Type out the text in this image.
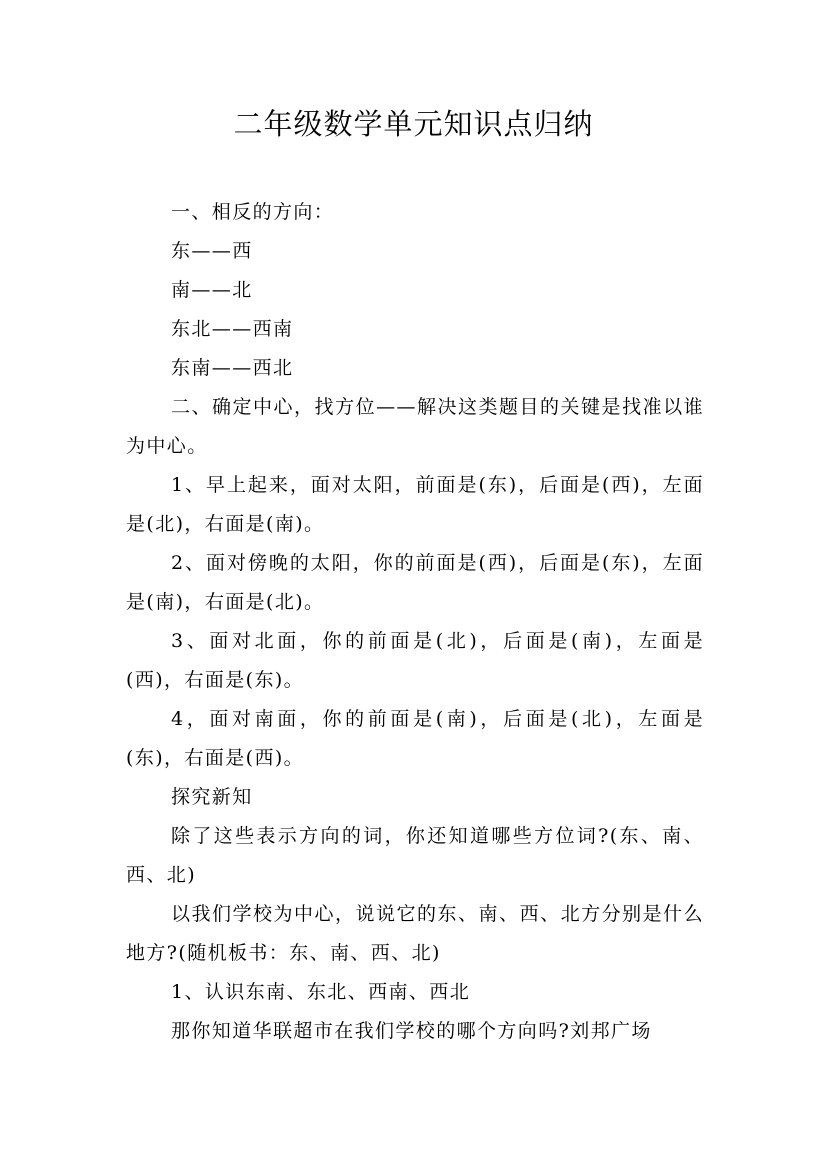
二年级数学单元知识点归纳

一、相反的方向：

东——西

南——北

东北——西南

东南——西北

二、确定中心，找方位——解决这类题目的关键是找准以谁为中心。

1、早上起来，面对太阳，前面是(东)，后面是(西)，左面是(北)，右面是(南)。

2、面对傍晚的太阳，你的前面是(西)，后面是(东)，左面是(南)，右面是(北)。

3、面对北面，你的前面是(北)，后面是(南)，左面是(西)，右面是(东)。

4，面对南面，你的前面是(南)，后面是(北)，左面是(东)，右面是(西)。

探究新知

除了这些表示方向的词，你还知道哪些方位词?(东、南、西、北)

以我们学校为中心，说说它的东、南、西、北方分别是什么地方?(随机板书：东、南、西、北)

1、认识东南、东北、西南、西北

那你知道华联超市在我们学校的哪个方向吗?刘邦广场
